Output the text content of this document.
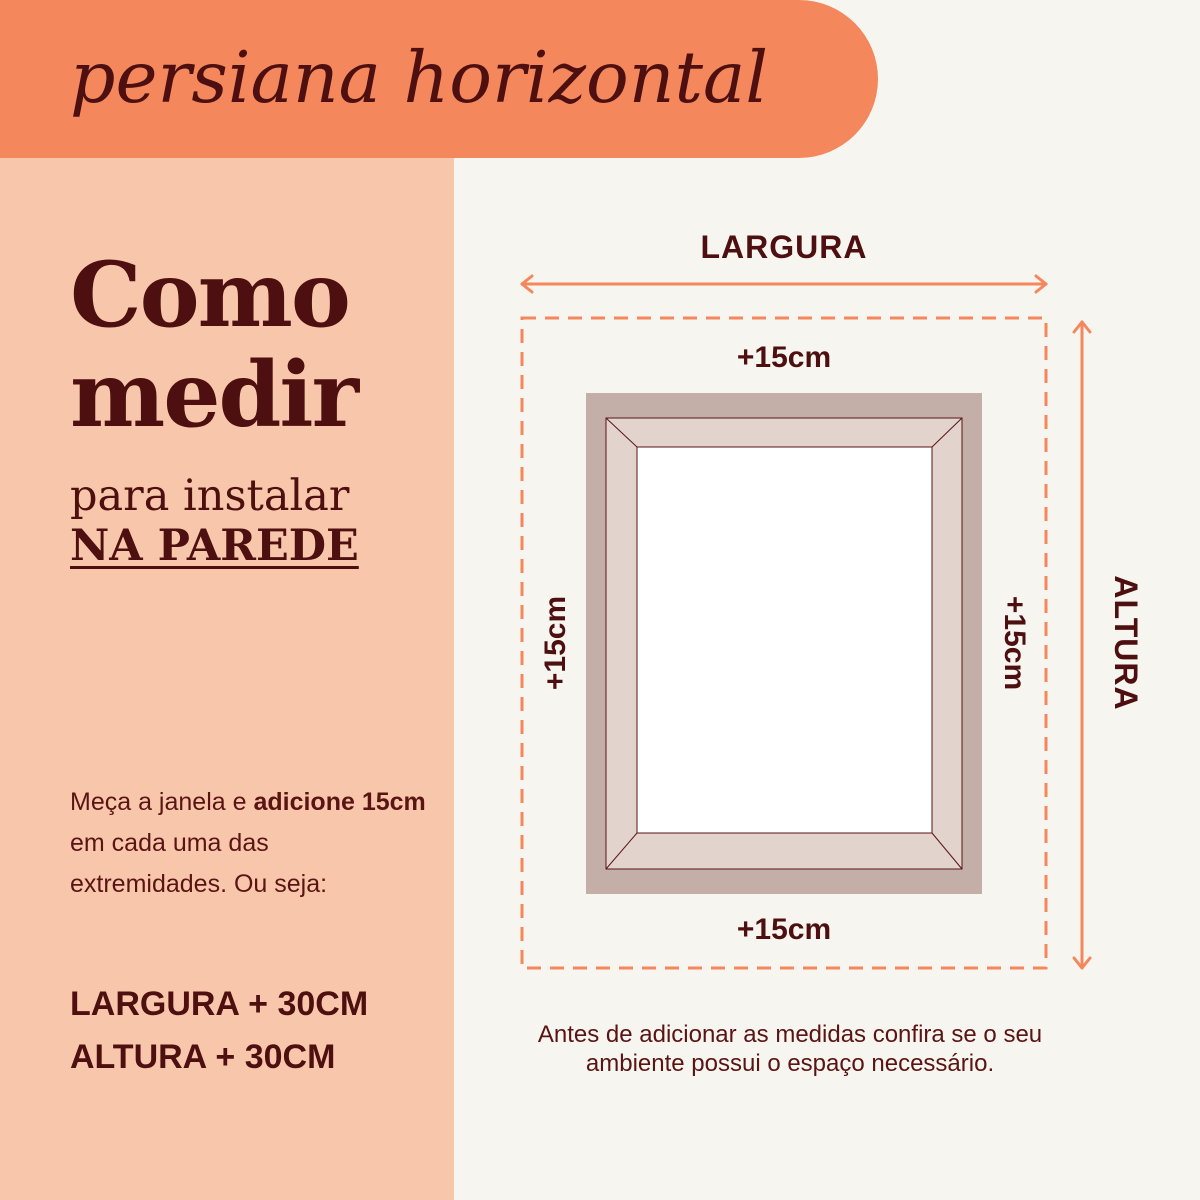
persiana horizontal
Como
medir
para instalar
NA PAREDE
Meça a janela e adicione 15cm em cada uma das extremidades. Ou seja:
LARGURA + 30CM
ALTURA + 30CM
LARGURA
ALTURA
+15cm
+15cm
+15cm	+15cm
Antes de adicionar as medidas confira se o seu ambiente possui o espaço necessário.
